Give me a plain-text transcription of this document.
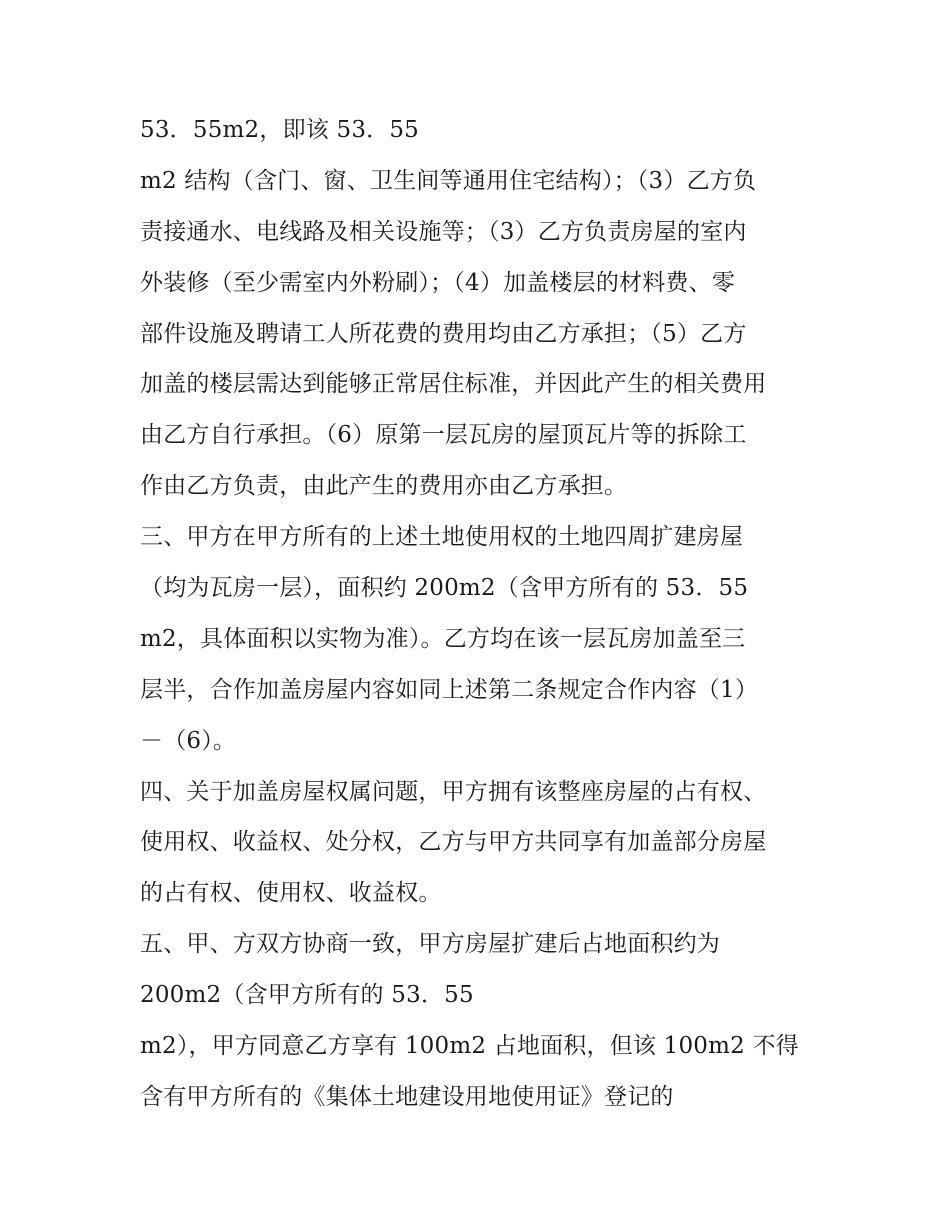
53．55m2，即该 53．55
m2 结构（含门、窗、卫生间等通用住宅结构）；（3）乙方负
责接通水、电线路及相关设施等；（3）乙方负责房屋的室内
外装修（至少需室内外粉刷）；（4）加盖楼层的材料费、零
部件设施及聘请工人所花费的费用均由乙方承担；（5）乙方
加盖的楼层需达到能够正常居住标准，并因此产生的相关费用
由乙方自行承担。（6）原第一层瓦房的屋顶瓦片等的拆除工
作由乙方负责，由此产生的费用亦由乙方承担。
三、甲方在甲方所有的上述土地使用权的土地四周扩建房屋
（均为瓦房一层），面积约 200m2（含甲方所有的 53．55
m2，具体面积以实物为准）。乙方均在该一层瓦房加盖至三
层半，合作加盖房屋内容如同上述第二条规定合作内容（1）
－（6）。
四、关于加盖房屋权属问题，甲方拥有该整座房屋的占有权、
使用权、收益权、处分权，乙方与甲方共同享有加盖部分房屋
的占有权、使用权、收益权。
五、甲、方双方协商一致，甲方房屋扩建后占地面积约为
200m2（含甲方所有的 53．55
m2），甲方同意乙方享有 100m2 占地面积，但该 100m2 不得
含有甲方所有的《集体土地建设用地使用证》登记的
